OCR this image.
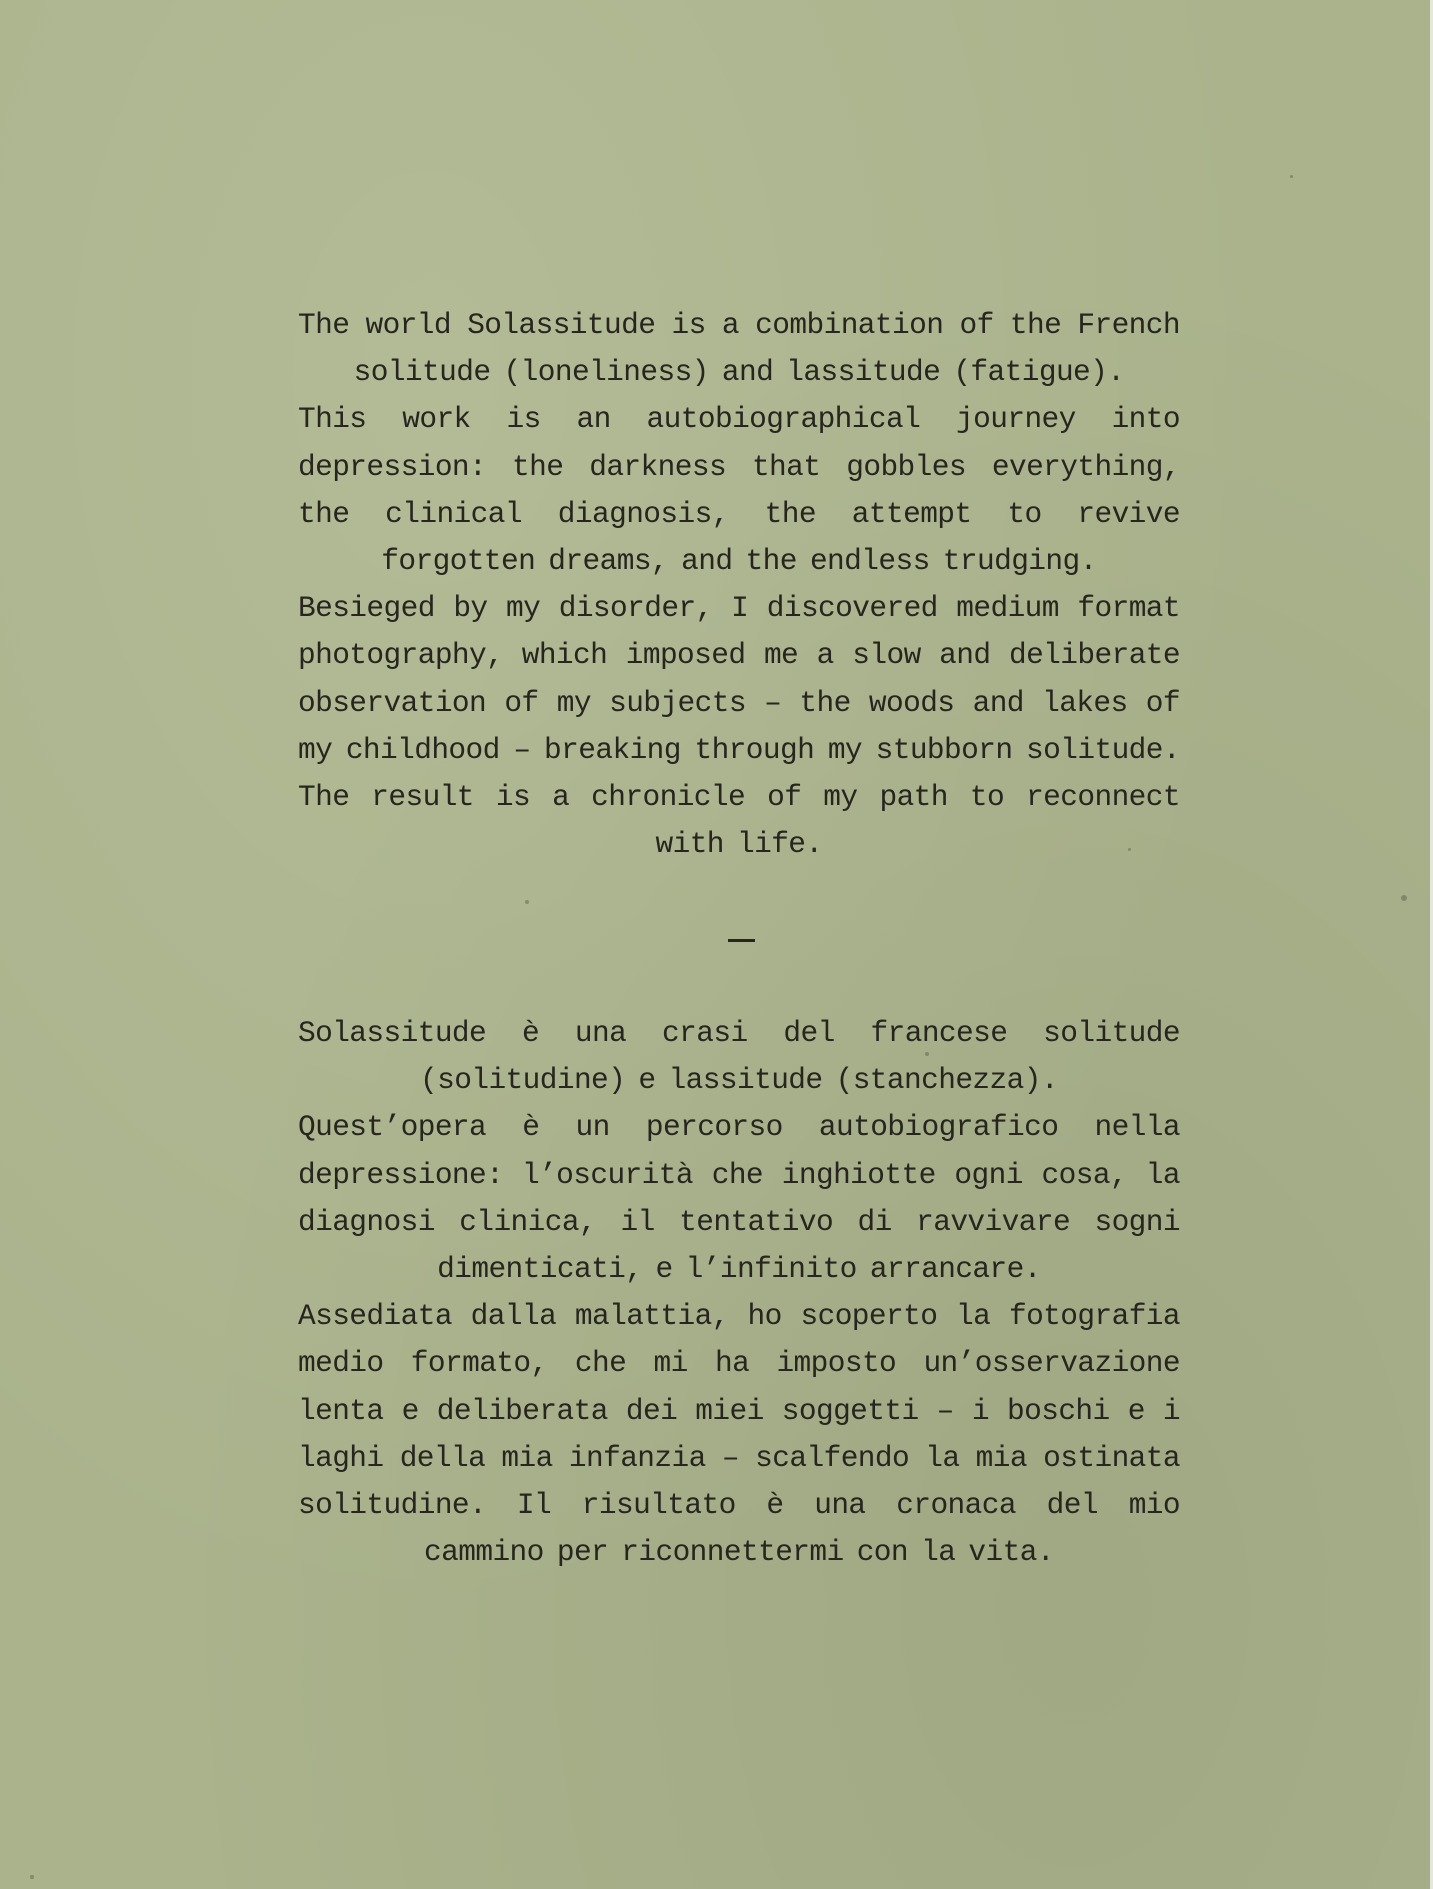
The world Solassitude is a combination of the French solitude (loneliness) and lassitude (fatigue).

This work is an autobiographical journey into depression: the darkness that gobbles everything, the clinical diagnosis, the attempt to revive forgotten dreams, and the endless trudging.

Besieged by my disorder, I discovered medium format photography, which imposed me a slow and deliberate observation of my subjects – the woods and lakes of my childhood – breaking through my stubborn solitude. The result is a chronicle of my path to reconnect with life.

Solassitude è una crasi del francese solitude (solitudine) e lassitude (stanchezza).

Quest’opera è un percorso autobiografico nella depressione: l’oscurità che inghiotte ogni cosa, la diagnosi clinica, il tentativo di ravvivare sogni dimenticati, e l’infinito arrancare.

Assediata dalla malattia, ho scoperto la fotografia medio formato, che mi ha imposto un’osservazione lenta e deliberata dei miei soggetti – i boschi e i laghi della mia infanzia – scalfendo la mia ostinata solitudine. Il risultato è una cronaca del mio cammino per riconnettermi con la vita.
